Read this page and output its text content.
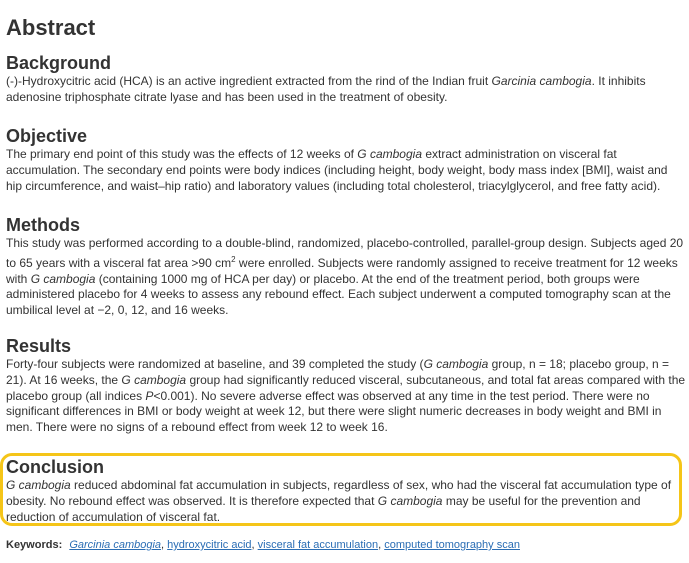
Abstract
Background

(-)-Hydroxycitric acid (HCA) is an active ingredient extracted from the rind of the Indian fruit Garcinia cambogia. It inhibits adenosine triphosphate citrate lyase and has been used in the treatment of obesity.

Objective

The primary end point of this study was the effects of 12 weeks of G cambogia extract administration on visceral fat accumulation. The secondary end points were body indices (including height, body weight, body mass index [BMI], waist and hip circumference, and waist–hip ratio) and laboratory values (including total cholesterol, triacylglycerol, and free fatty acid).

Methods

This study was performed according to a double-blind, randomized, placebo-controlled, parallel-group design. Subjects aged 20 to 65 years with a visceral fat area >90 $cm^2$ were enrolled. Subjects were randomly assigned to receive treatment for 12 weeks with G cambogia (containing 1000 mg of HCA per day) or placebo. At the end of the treatment period, both groups were administered placebo for 4 weeks to assess any rebound effect. Each subject underwent a computed tomography scan at the umbilical level at −2, 0, 12, and 16 weeks.

Results

Forty-four subjects were randomized at baseline, and 39 completed the study (G cambogia group, n = 18; placebo group, n = 21). At 16 weeks, the G cambogia group had significantly reduced visceral, subcutaneous, and total fat areas compared with the placebo group (all indices P<0.001). No severe adverse effect was observed at any time in the test period. There were no significant differences in BMI or body weight at week 12, but there were slight numeric decreases in body weight and BMI in men. There were no signs of a rebound effect from week 12 to week 16.

Conclusion

G cambogia reduced abdominal fat accumulation in subjects, regardless of sex, who had the visceral fat accumulation type of obesity. No rebound effect was observed. It is therefore expected that G cambogia may be useful for the prevention and reduction of accumulation of visceral fat.

Keywords: Garcinia cambogia, hydroxycitric acid, visceral fat accumulation, computed tomography scan
